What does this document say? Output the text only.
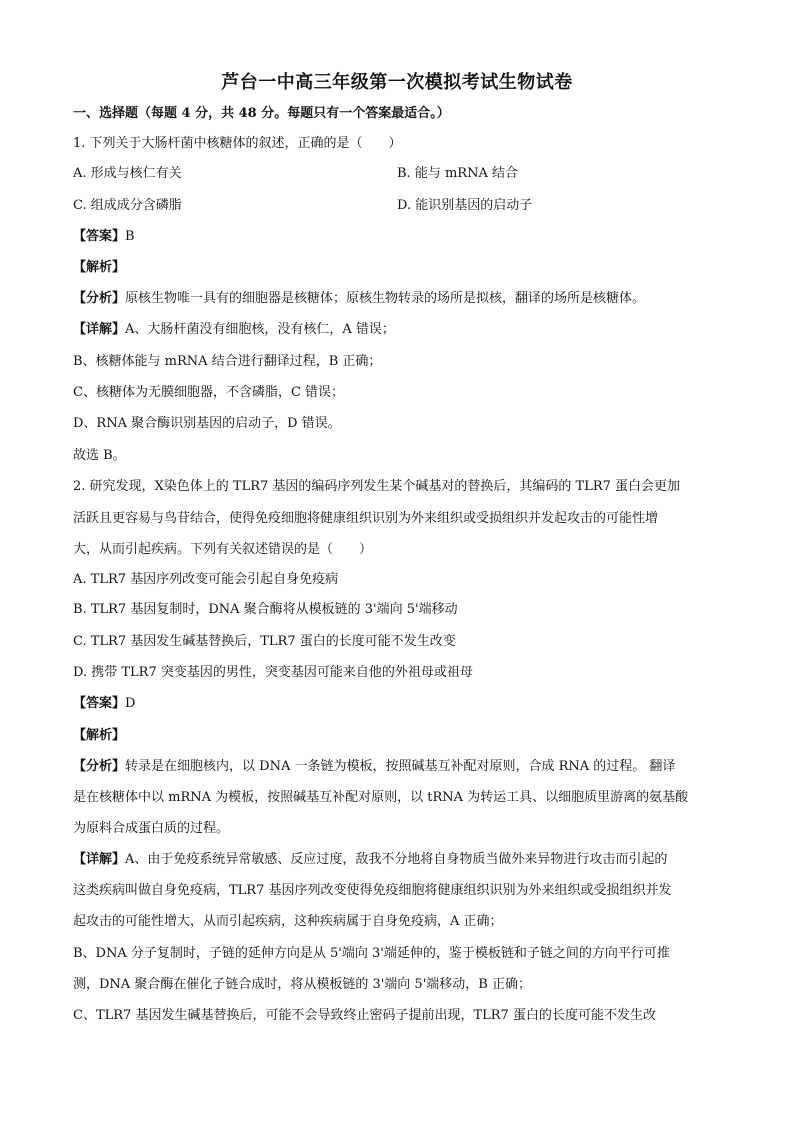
芦台一中高三年级第一次模拟考试生物试卷
一、选择题（每题 4 分，共 48 分。每题只有一个答案最适合。）
1. 下列关于大肠杆菌中核糖体的叙述，正确的是（　　）
A. 形成与核仁有关	B. 能与 mRNA 结合
C. 组成成分含磷脂	D. 能识别基因的启动子
【答案】B
【解析】
【分析】原核生物唯一具有的细胞器是核糖体；原核生物转录的场所是拟核，翻译的场所是核糖体。
【详解】A、大肠杆菌没有细胞核，没有核仁，A 错误；
B、核糖体能与 mRNA 结合进行翻译过程，B 正确；
C、核糖体为无膜细胞器，不含磷脂，C 错误；
D、RNA 聚合酶识别基因的启动子，D 错误。
故选 B。
2. 研究发现，X染色体上的 TLR7 基因的编码序列发生某个碱基对的替换后，其编码的 TLR7 蛋白会更加
活跃且更容易与鸟苷结合，使得免疫细胞将健康组织识别为外来组织或受损组织并发起攻击的可能性增
大，从而引起疾病。下列有关叙述错误的是（　　）
A. TLR7 基因序列改变可能会引起自身免疫病
B. TLR7 基因复制时，DNA 聚合酶将从模板链的 3'端向 5'端移动
C. TLR7 基因发生碱基替换后，TLR7 蛋白的长度可能不发生改变
D. 携带 TLR7 突变基因的男性，突变基因可能来自他的外祖母或祖母
【答案】D
【解析】
【分析】转录是在细胞核内，以 DNA 一条链为模板，按照碱基互补配对原则，合成 RNA 的过程。 翻译
是在核糖体中以 mRNA 为模板，按照碱基互补配对原则，以 tRNA 为转运工具、以细胞质里游离的氨基酸
为原料合成蛋白质的过程。
【详解】A、由于免疫系统异常敏感、反应过度，敌我不分地将自身物质当做外来异物进行攻击而引起的
这类疾病叫做自身免疫病，TLR7 基因序列改变使得免疫细胞将健康组织识别为外来组织或受损组织并发
起攻击的可能性增大，从而引起疾病，这种疾病属于自身免疫病，A 正确；
B、DNA 分子复制时，子链的延伸方向是从 5'端向 3'端延伸的，鉴于模板链和子链之间的方向平行可推
测，DNA 聚合酶在催化子链合成时，将从模板链的 3'端向 5'端移动，B 正确；
C、TLR7 基因发生碱基替换后，可能不会导致终止密码子提前出现，TLR7 蛋白的长度可能不发生改
